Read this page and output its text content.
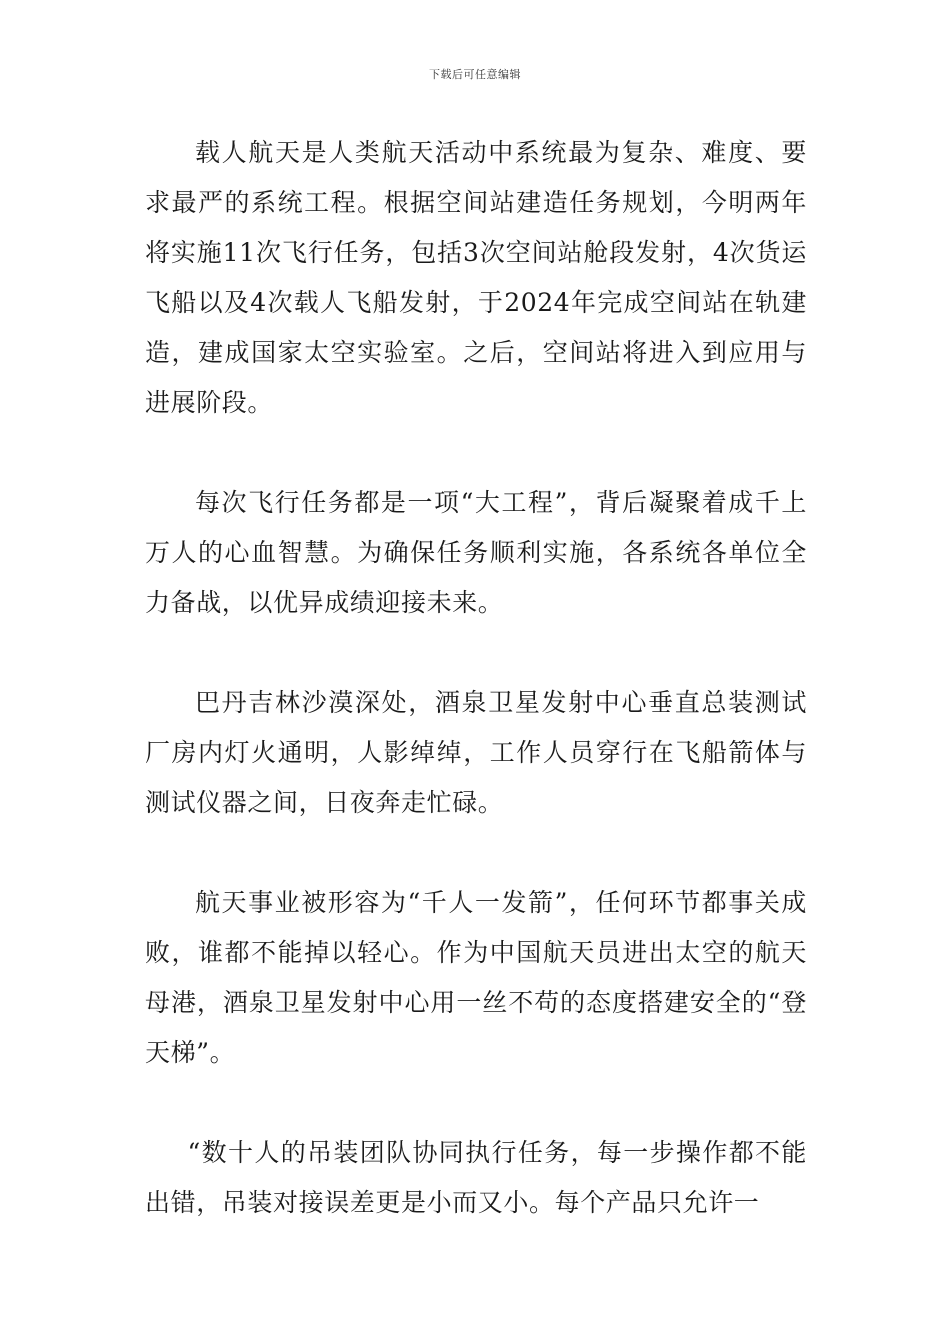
下载后可任意编辑

载人航天是人类航天活动中系统最为复杂、难度、要求最严的系统工程。根据空间站建造任务规划，今明两年将实施11次飞行任务，包括3次空间站舱段发射，4次货运飞船以及4次载人飞船发射，于2024年完成空间站在轨建造，建成国家太空实验室。之后，空间站将进入到应用与进展阶段。

每次飞行任务都是一项“大工程”，背后凝聚着成千上万人的心血智慧。为确保任务顺利实施，各系统各单位全力备战，以优异成绩迎接未来。

巴丹吉林沙漠深处，酒泉卫星发射中心垂直总装测试厂房内灯火通明，人影绰绰，工作人员穿行在飞船箭体与测试仪器之间，日夜奔走忙碌。

航天事业被形容为“千人一发箭”，任何环节都事关成败，谁都不能掉以轻心。作为中国航天员进出太空的航天母港，酒泉卫星发射中心用一丝不苟的态度搭建安全的“登天梯”。

“数十人的吊装团队协同执行任务，每一步操作都不能出错，吊装对接误差更是小而又小。每个产品只允许一
